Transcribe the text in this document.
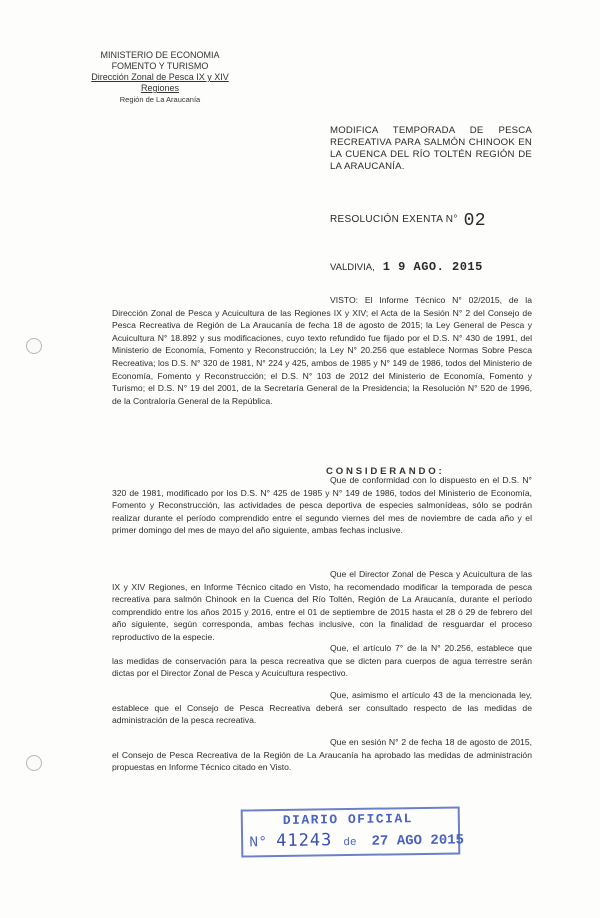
MINISTERIO DE ECONOMIA
FOMENTO Y TURISMO
Dirección Zonal de Pesca IX y XIV
Regiones
Región de La Araucanía
MODIFICA TEMPORADA DE PESCA RECREATIVA PARA SALMÓN CHINOOK EN LA CUENCA DEL RÍO TOLTÉN REGIÓN DE LA ARAUCANÍA.
RESOLUCIÓN EXENTA N° 02
VALDIVIA, 1 9 AGO. 2015
VISTO: El Informe Técnico N° 02/2015, de la Dirección Zonal de Pesca y Acuicultura de las Regiones IX y XIV; el Acta de la Sesión N° 2 del Consejo de Pesca Recreativa de Región de La Araucanía de fecha 18 de agosto de 2015; la Ley General de Pesca y Acuicultura N° 18.892 y sus modificaciones, cuyo texto refundido fue fijado por el D.S. N° 430 de 1991, del Ministerio de Economía, Fomento y Reconstrucción; la Ley N° 20.256 que establece Normas Sobre Pesca Recreativa; los D.S. N° 320 de 1981, N° 224 y 425, ambos de 1985 y N° 149 de 1986, todos del Ministerio de Economía, Fomento y Reconstrucción; el D.S. N° 103 de 2012 del Ministerio de Economía, Fomento y Turismo; el D.S. N° 19 del 2001, de la Secretaría General de la Presidencia; la Resolución N° 520 de 1996, de la Contraloría General de la República.
CONSIDERANDO:
Que de conformidad con lo dispuesto en el D.S. N° 320 de 1981, modificado por los D.S. N° 425 de 1985 y N° 149 de 1986, todos del Ministerio de Economía, Fomento y Reconstrucción, las actividades de pesca deportiva de especies salmonídeas, sólo se podrán realizar durante el período comprendido entre el segundo viernes del mes de noviembre de cada año y el primer domingo del mes de mayo del año siguiente, ambas fechas inclusive.
Que el Director Zonal de Pesca y Acuicultura de las IX y XIV Regiones, en Informe Técnico citado en Visto, ha recomendado modificar la temporada de pesca recreativa para salmón Chinook en la Cuenca del Río Toltén, Región de La Araucanía, durante el período comprendido entre los años 2015 y 2016, entre el 01 de septiembre de 2015 hasta el 28 ó 29 de febrero del año siguiente, según corresponda, ambas fechas inclusive, con la finalidad de resguardar el proceso reproductivo de la especie.
Que, el artículo 7° de la N° 20.256, establece que las medidas de conservación para la pesca recreativa que se dicten para cuerpos de agua terrestre serán dictas por el Director Zonal de Pesca y Acuicultura respectivo.
Que, asimismo el artículo 43 de la mencionada ley, establece que el Consejo de Pesca Recreativa deberá ser consultado respecto de las medidas de administración de la pesca recreativa.
Que en sesión N° 2 de fecha 18 de agosto de 2015, el Consejo de Pesca Recreativa de la Región de La Araucanía ha aprobado las medidas de administración propuestas en Informe Técnico citado en Visto.
DIARIO OFICIAL
N° 41243 de 27 AGO 2015
